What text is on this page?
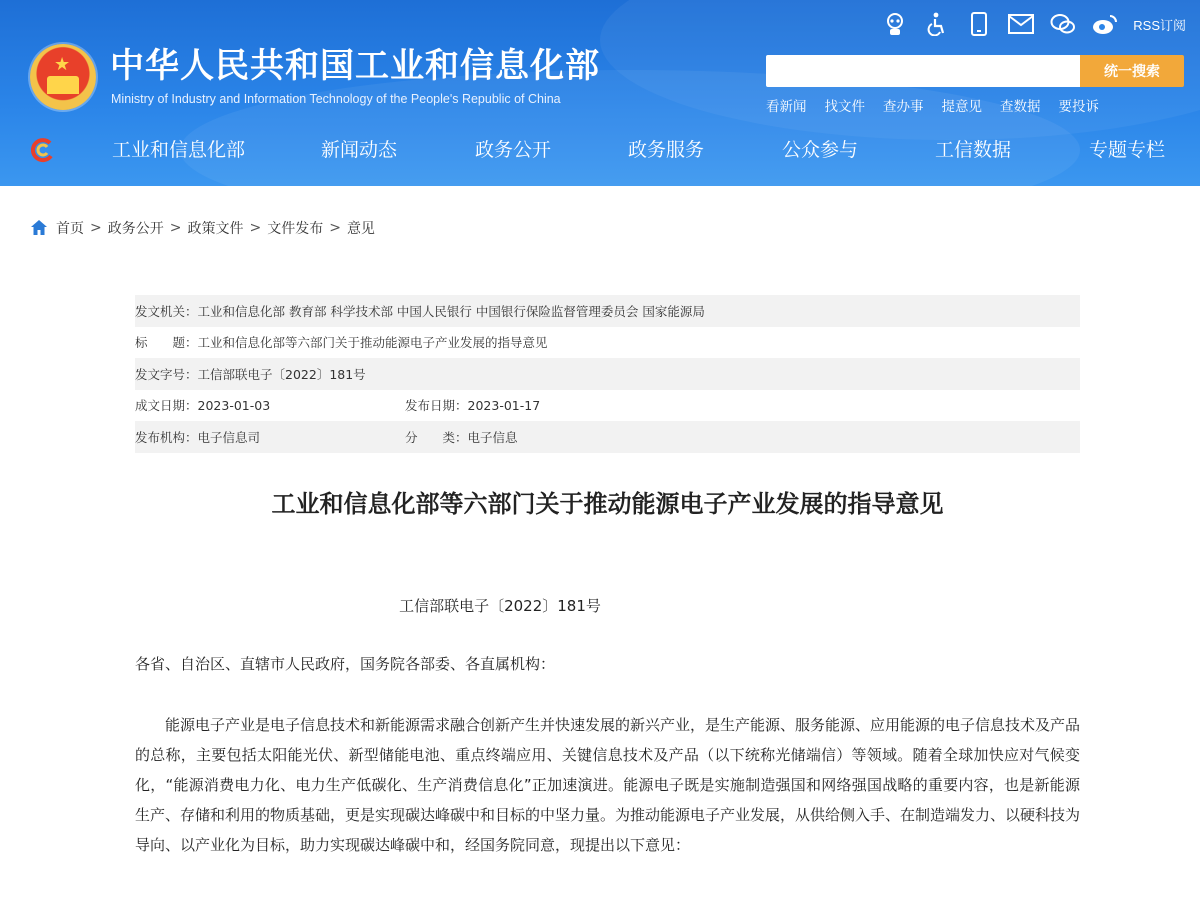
★ 中华人民共和国工业和信息化部
Ministry of Industry and Information Technology of the People's Republic of China
RSS订阅
统一搜索
看新闻 找文件 查办事 提意见 查数据 要投诉
工业和信息化部	新闻动态	政务公开	政务服务	公众参与	工信数据	专题专栏
首页 > 政务公开 > 政策文件 > 文件发布 > 意见
发文机关： 工业和信息化部 教育部 科学技术部 中国人民银行 中国银行保险监督管理委员会 国家能源局
标　　题： 工业和信息化部等六部门关于推动能源电子产业发展的指导意见
发文字号： 工信部联电子〔2022〕181号
成文日期：2023-01-03	发布日期：2023-01-17
发布机构：电子信息司	分　　类：电子信息
工业和信息化部等六部门关于推动能源电子产业发展的指导意见
工信部联电子〔2022〕181号

各省、自治区、直辖市人民政府，国务院各部委、各直属机构：

能源电子产业是电子信息技术和新能源需求融合创新产生并快速发展的新兴产业，是生产能源、服务能源、应用能源的电子信息技术及产品的总称，主要包括太阳能光伏、新型储能电池、重点终端应用、关键信息技术及产品（以下统称光储端信）等领域。随着全球加快应对气候变化，“能源消费电力化、电力生产低碳化、生产消费信息化”正加速演进。能源电子既是实施制造强国和网络强国战略的重要内容，也是新能源生产、存储和利用的物质基础，更是实现碳达峰碳中和目标的中坚力量。为推动能源电子产业发展，从供给侧入手、在制造端发力、以硬科技为导向、以产业化为目标，助力实现碳达峰碳中和，经国务院同意，现提出以下意见：
